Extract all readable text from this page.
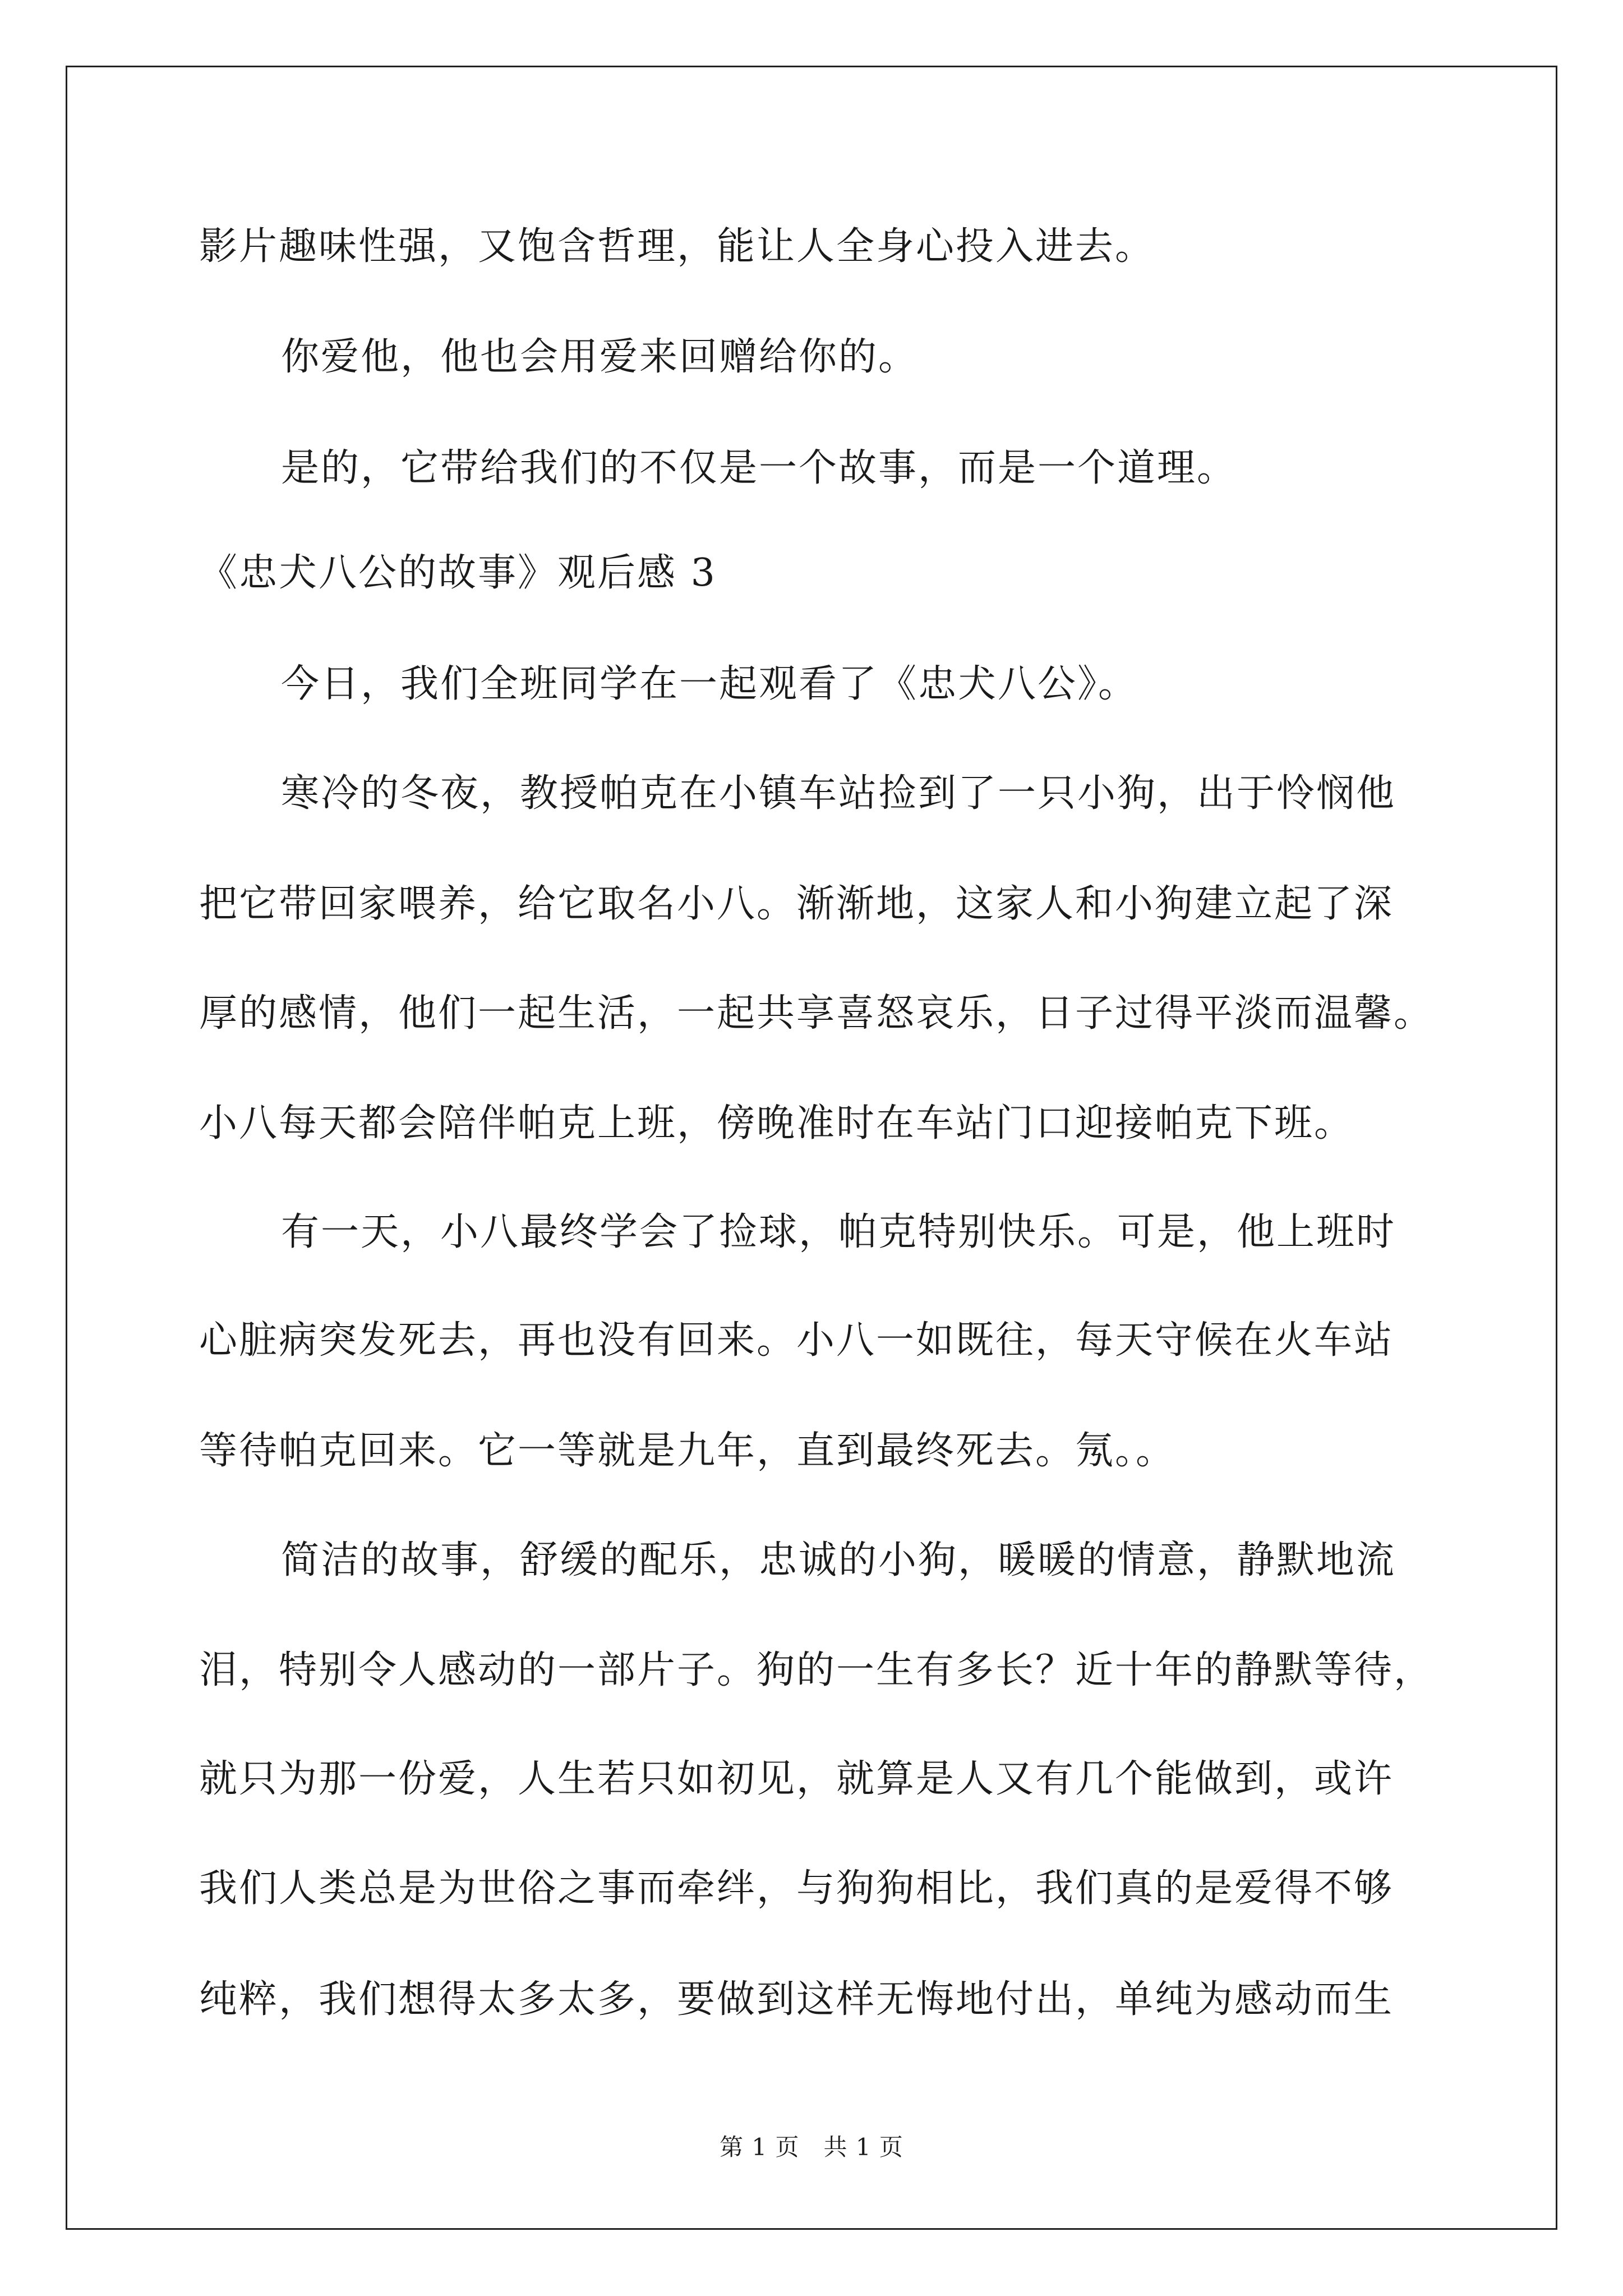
影片趣味性强，又饱含哲理，能让人全身心投入进去。
你爱他，他也会用爱来回赠给你的。
是的，它带给我们的不仅是一个故事，而是一个道理。
《忠犬八公的故事》观后感 3
今日，我们全班同学在一起观看了《忠犬八公》。
寒冷的冬夜，教授帕克在小镇车站捡到了一只小狗，出于怜悯他
把它带回家喂养，给它取名小八。渐渐地，这家人和小狗建立起了深
厚的感情，他们一起生活，一起共享喜怒哀乐，日子过得平淡而温馨。
小八每天都会陪伴帕克上班，傍晚准时在车站门口迎接帕克下班。
有一天，小八最终学会了捡球，帕克特别快乐。可是，他上班时
心脏病突发死去，再也没有回来。小八一如既往，每天守候在火车站
等待帕克回来。它一等就是九年，直到最终死去。氖。。
简洁的故事，舒缓的配乐，忠诚的小狗，暖暖的情意，静默地流
泪，特别令人感动的一部片子。狗的一生有多长？近十年的静默等待，
就只为那一份爱，人生若只如初见，就算是人又有几个能做到，或许
我们人类总是为世俗之事而牵绊，与狗狗相比，我们真的是爱得不够
纯粹，我们想得太多太多，要做到这样无悔地付出，单纯为感动而生
第 1 页　共 1 页
